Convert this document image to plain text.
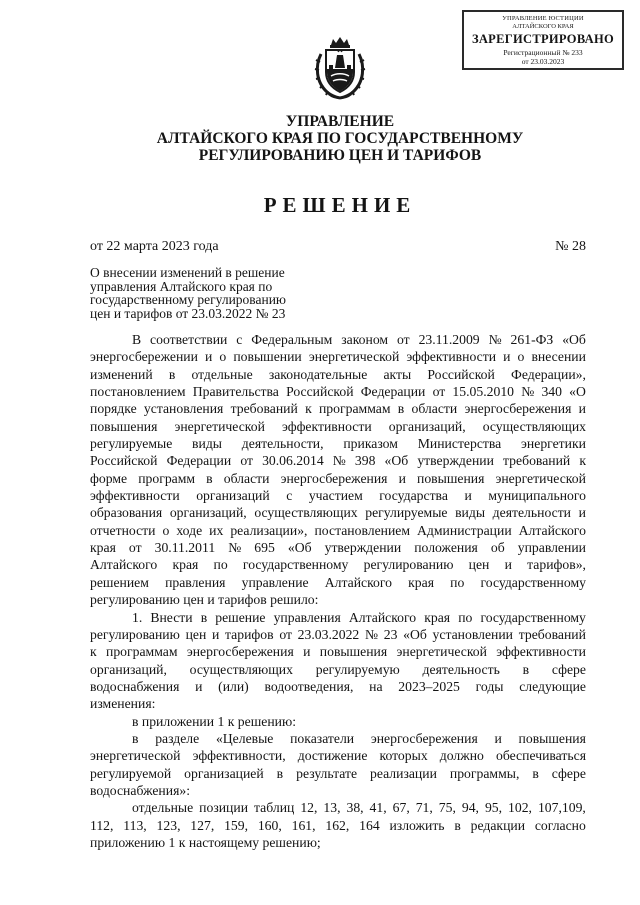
УПРАВЛЕНИЕ ЮСТИЦИИ
АЛТАЙСКОГО КРАЯ
ЗАРЕГИСТРИРОВАНО
Регистрационный № 233
от 23.03.2023
УПРАВЛЕНИЕ
АЛТАЙСКОГО КРАЯ ПО ГОСУДАРСТВЕННОМУ
РЕГУЛИРОВАНИЮ ЦЕН И ТАРИФОВ
РЕШЕНИЕ
от 22 марта 2023 года	№ 28
О внесении изменений в решение
управления Алтайского края по
государственному регулированию
цен и тарифов от 23.03.2022 № 23
В соответствии с Федеральным законом от 23.11.2009 № 261-ФЗ «Об
энергосбережении и о повышении энергетической эффективности и о внесении
изменений в отдельные законодательные акты Российской Федерации»,
постановлением Правительства Российской Федерации от 15.05.2010 № 340 «О
порядке установления требований к программам в области энергосбережения и
повышения энергетической эффективности организаций, осуществляющих
регулируемые виды деятельности, приказом Министерства энергетики
Российской Федерации от 30.06.2014 № 398 «Об утверждении требований к
форме программ в области энергосбережения и повышения энергетической
эффективности организаций с участием государства и муниципального
образования организаций, осуществляющих регулируемые виды деятельности и
отчетности о ходе их реализации», постановлением Администрации Алтайского
края от 30.11.2011 № 695 «Об утверждении положения об управлении
Алтайского края по государственному регулированию цен и тарифов»,
решением правления управление Алтайского края по государственному
регулированию цен и тарифов решило:
1. Внести в решение управления Алтайского края по государственному
регулированию цен и тарифов от 23.03.2022 № 23 «Об установлении требований
к программам энергосбережения и повышения энергетической эффективности
организаций, осуществляющих регулируемую деятельность в сфере
водоснабжения и (или) водоотведения, на 2023–2025 годы следующие
изменения:
в приложении 1 к решению:
в разделе «Целевые показатели энергосбережения и повышения
энергетической эффективности, достижение которых должно обеспечиваться
регулируемой организацией в результате реализации программы, в сфере
водоснабжения»:
отдельные позиции таблиц 12, 13, 38, 41, 67, 71, 75, 94, 95, 102, 107,109,
112, 113, 123, 127, 159, 160, 161, 162, 164 изложить в редакции согласно
приложению 1 к настоящему решению;
